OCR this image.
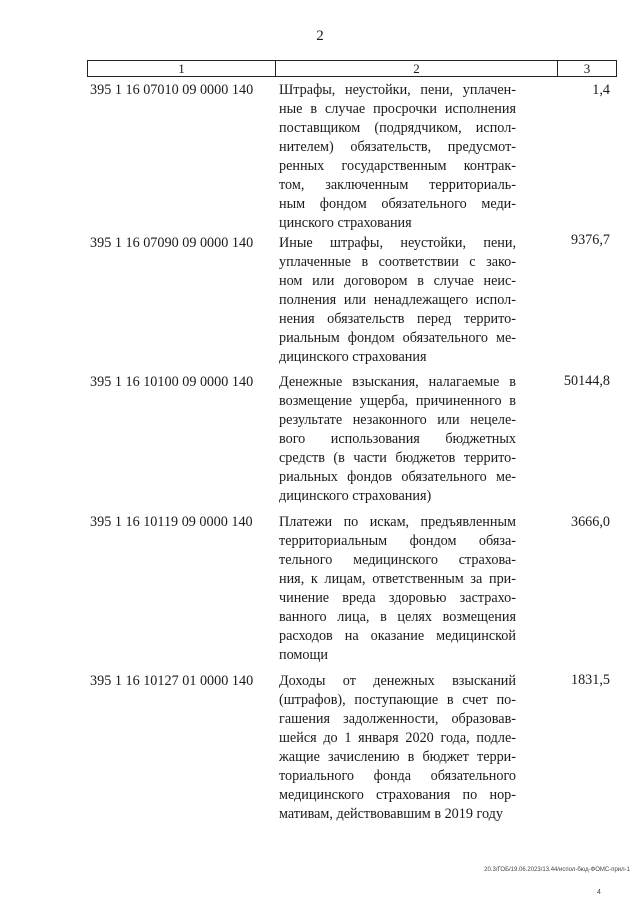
2
1	2	3
395 1 16 07010 09 0000 140 Штрафы, неустойки, пени, уплачен-
ные в случае просрочки исполнения
поставщиком (подрядчиком, испол-
нителем) обязательств, предусмот-
ренных государственным контрак-
том, заключенным территориаль-
ным фондом обязательного меди-
цинского страхования
1,4
395 1 16 07090 09 0000 140 Иные штрафы, неустойки, пени,
уплаченные в соответствии с зако-
ном или договором в случае неис-
полнения или ненадлежащего испол-
нения обязательств перед террито-
риальным фондом обязательного ме-
дицинского страхования
9376,7
395 1 16 10100 09 0000 140 Денежные взыскания, налагаемые в
возмещение ущерба, причиненного в
результате незаконного или нецеле-
вого использования бюджетных
средств (в части бюджетов террито-
риальных фондов обязательного ме-
дицинского страхования)
50144,8
395 1 16 10119 09 0000 140 Платежи по искам, предъявленным
территориальным фондом обяза-
тельного медицинского страхова-
ния, к лицам, ответственным за при-
чинение вреда здоровью застрахо-
ванного лица, в целях возмещения
расходов на оказание медицинской
помощи
3666,0
395 1 16 10127 01 0000 140 Доходы от денежных взысканий
(штрафов), поступающие в счет по-
гашения задолженности, образовав-
шейся до 1 января 2020 года, подле-
жащие зачислению в бюджет терри-
ториального фонда обязательного
медицинского страхования по нор-
мативам, действовавшим в 2019 году
1831,5
20.3/ГОБ/19.06.2023/13.44/испол-бюд-ФОМС-прил-1
4
